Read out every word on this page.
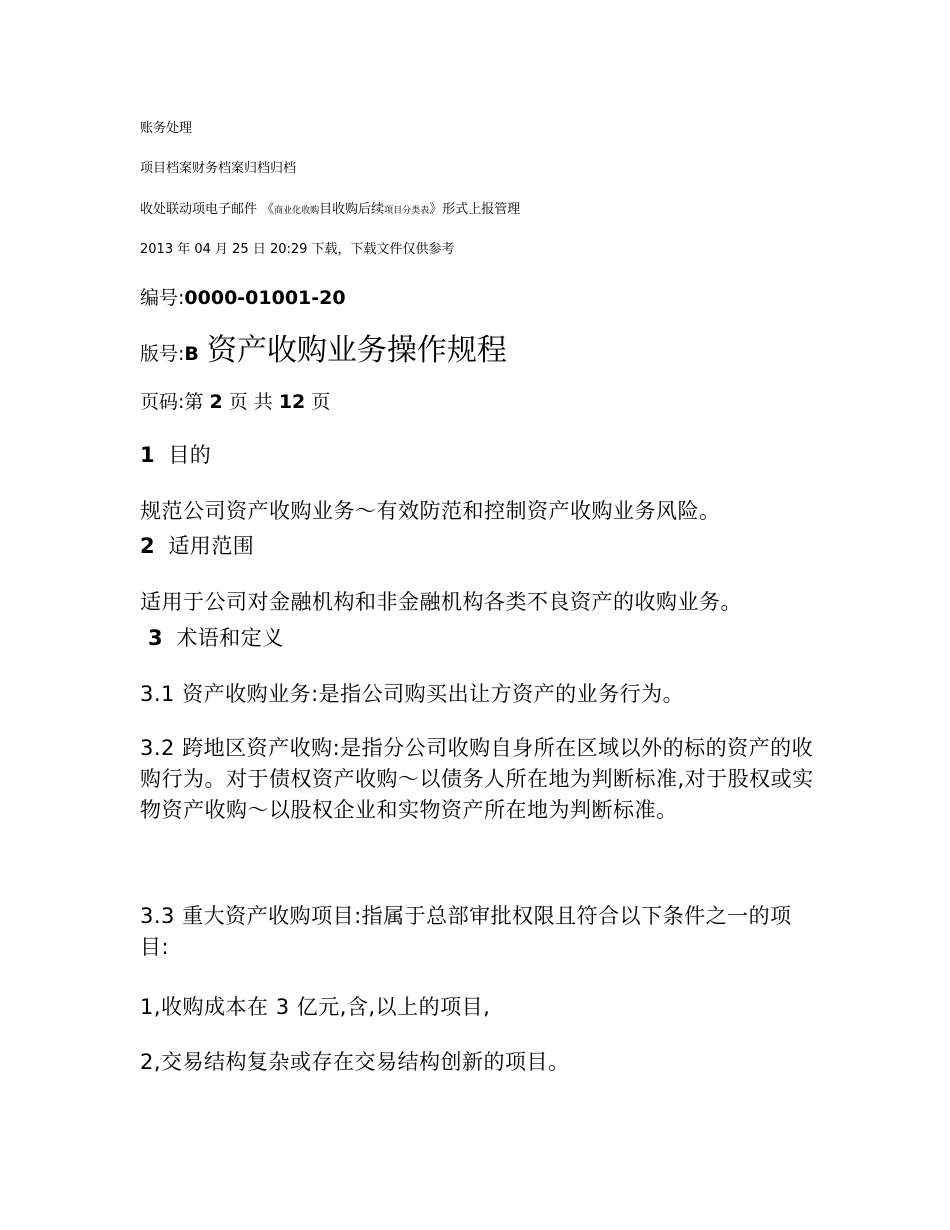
账务处理

项目档案财务档案归档归档

收处联动项电子邮件 《商业化收购目收购后续项目分类表》形式上报管理

2013 年 04 月 25 日 20:29 下载，下载文件仅供参考

编号:0000-01001-20

版号:B 资产收购业务操作规程

页码:第 2 页 共 12 页

1 目的

规范公司资产收购业务～有效防范和控制资产收购业务风险。

2 适用范围

适用于公司对金融机构和非金融机构各类不良资产的收购业务。

3 术语和定义

3.1 资产收购业务:是指公司购买出让方资产的业务行为。

3.2 跨地区资产收购:是指分公司收购自身所在区域以外的标的资产的收购行为。对于债权资产收购～以债务人所在地为判断标准,对于股权或实物资产收购～以股权企业和实物资产所在地为判断标准。

3.3 重大资产收购项目:指属于总部审批权限且符合以下条件之一的项目:

1,收购成本在 3 亿元,含,以上的项目,

2,交易结构复杂或存在交易结构创新的项目。
